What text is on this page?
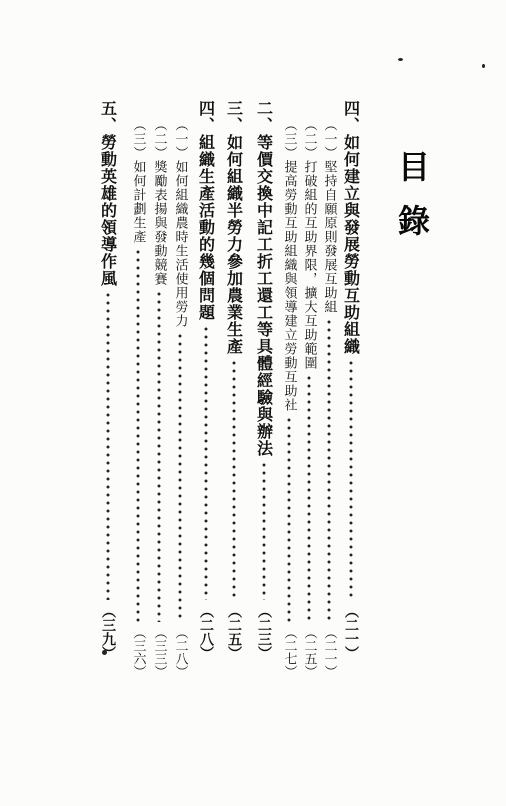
目錄
四、如何建立與發展勞動互助組織
（二一）
（一）堅持自願原則發展互助組
（二一）
（二）打破組的互助界限，擴大互助範圍
（二五）
（三）提高勞動互助組織與領導建立勞動互助社
（二七）
二、等價交換中記工折工還工等具體經驗與辦法
（二三）
三、如何組織半勞力參加農業生產
（二五）
四、組織生產活動的幾個問題
（二八）
（一）如何組織農時生活使用勞力
（二八）
（二）獎勵表揚與發動競賽
（三三）
（三）如何計劃生產
（三六）
五、勞動英雄的領導作風
（三九）
